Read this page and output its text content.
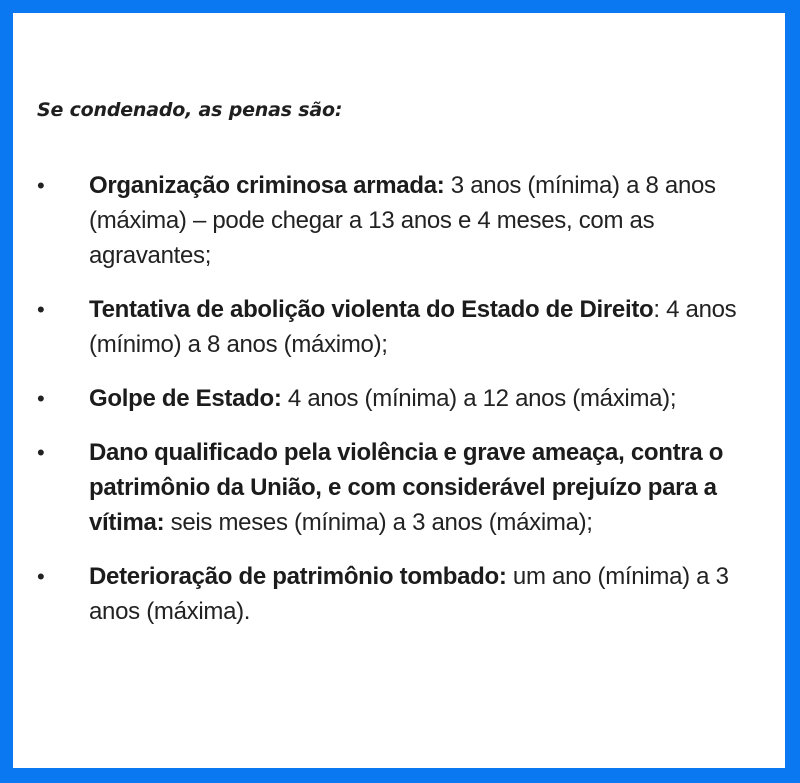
Se condenado, as penas são:
• Organização criminosa armada: 3 anos (mínima) a 8 anos (máxima) – pode chegar a 13 anos e 4 meses, com as agravantes;
• Tentativa de abolição violenta do Estado de Direito: 4 anos (mínimo) a 8 anos (máximo);
• Golpe de Estado: 4 anos (mínima) a 12 anos (máxima);
• Dano qualificado pela violência e grave ameaça, contra o patrimônio da União, e com considerável prejuízo para a vítima: seis meses (mínima) a 3 anos (máxima);
• Deterioração de patrimônio tombado: um ano (mínima) a 3 anos (máxima).
